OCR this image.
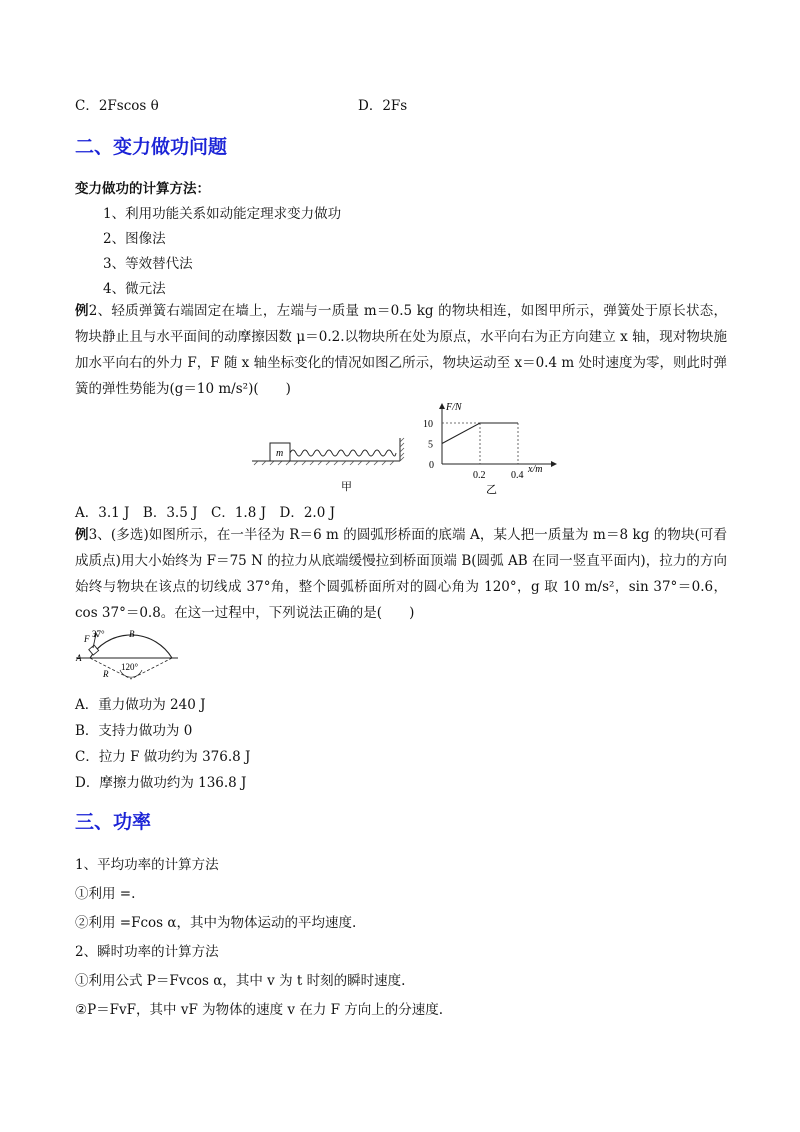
C．2Fscos θ	D．2Fs
二、变力做功问题
变力做功的计算方法：
1、利用功能关系如动能定理求变力做功
2、图像法
3、等效替代法
4、微元法
例2、轻质弹簧右端固定在墙上，左端与一质量 m＝0.5 kg 的物块相连，如图甲所示，弹簧处于原长状态，物块静止且与水平面间的动摩擦因数 μ＝0.2.以物块所在处为原点，水平向右为正方向建立 x 轴，现对物块施加水平向右的外力 F，F 随 x 轴坐标变化的情况如图乙所示，物块运动至 x＝0.4 m 处时速度为零，则此时弹簧的弹性势能为(g＝10 m/s²)(　　)
m
甲
F/N
x/m
0
5
10
0.2	0.4
乙
A．3.1 J　B．3.5 J　C．1.8 J　D．2.0 J
例3、(多选)如图所示，在一半径为 R＝6 m 的圆弧形桥面的底端 A，某人把一质量为 m＝8 kg 的物块(可看成质点)用大小始终为 F＝75 N 的拉力从底端缓慢拉到桥面顶端 B(圆弧 AB 在同一竖直平面内)，拉力的方向始终与物块在该点的切线成 37°角，整个圆弧桥面所对的圆心角为 120°，g 取 10 m/s²，sin 37°＝0.6，cos 37°＝0.8。在这一过程中，下列说法正确的是(　　)
F 37°	B
A
120°
R
A．重力做功为 240 J
B．支持力做功为 0
C．拉力 F 做功约为 376.8 J
D．摩擦力做功约为 136.8 J
三、功率
1、平均功率的计算方法
①利用 =.
②利用 =Fcos α，其中为物体运动的平均速度.
2、瞬时功率的计算方法
①利用公式 P＝Fvcos α，其中 v 为 t 时刻的瞬时速度.
②P＝FvF，其中 vF 为物体的速度 v 在力 F 方向上的分速度.
